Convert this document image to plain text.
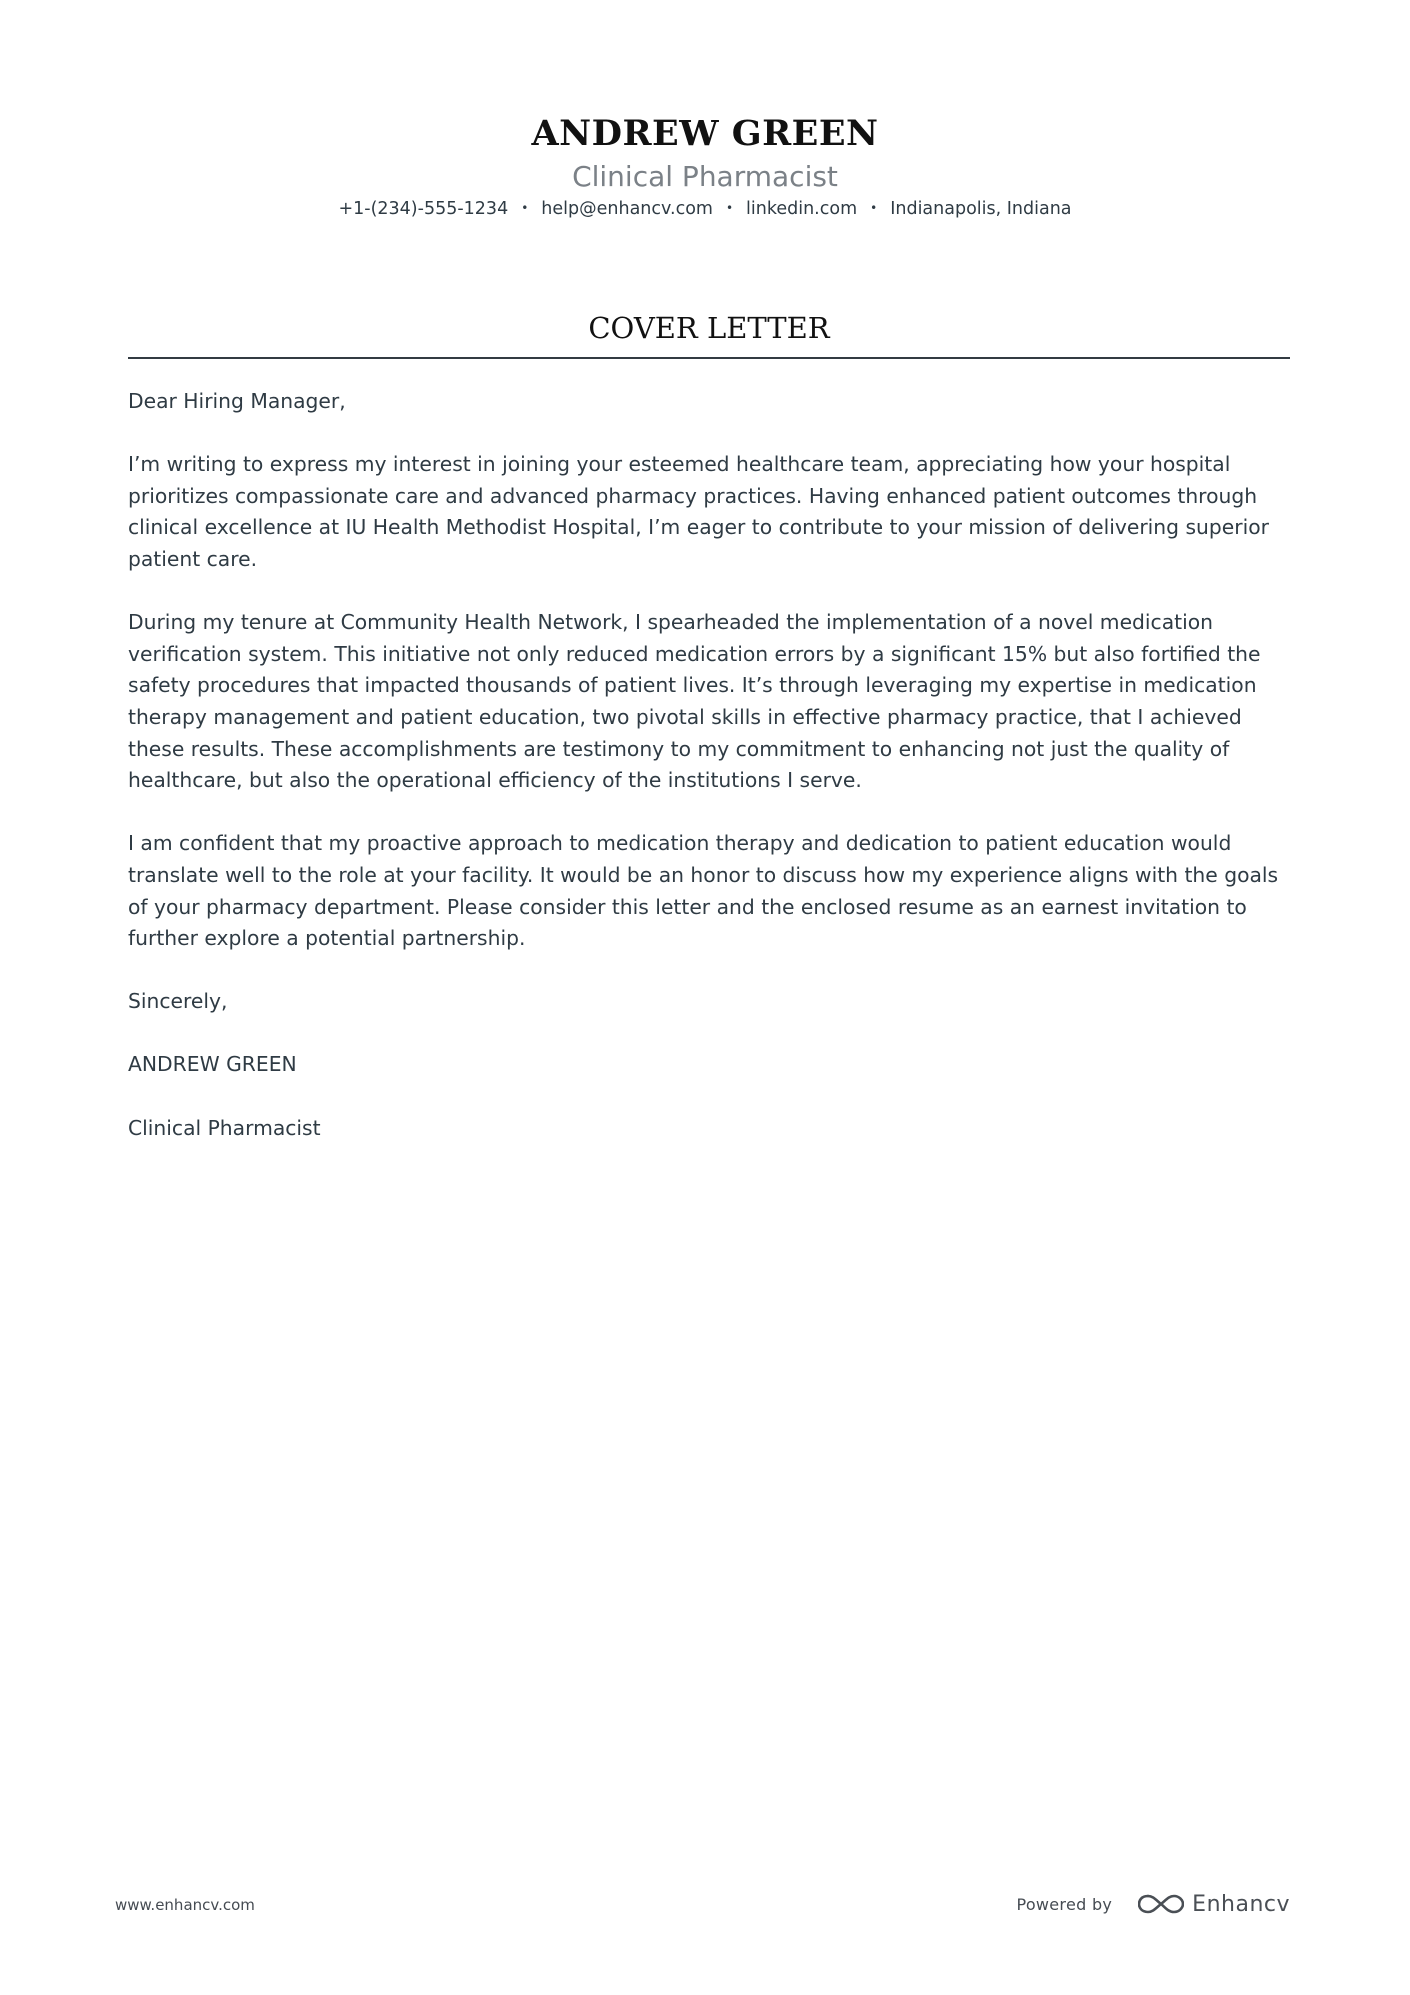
ANDREW GREEN
Clinical Pharmacist
+1-(234)-555-1234 • help@enhancv.com • linkedin.com • Indianapolis, Indiana
COVER LETTER

Dear Hiring Manager,

I’m writing to express my interest in joining your esteemed healthcare team, appreciating how your hospital prioritizes compassionate care and advanced pharmacy practices. Having enhanced patient outcomes through clinical excellence at IU Health Methodist Hospital, I’m eager to contribute to your mission of delivering superior patient care.

During my tenure at Community Health Network, I spearheaded the implementation of a novel medication verification system. This initiative not only reduced medication errors by a significant 15% but also fortified the safety procedures that impacted thousands of patient lives. It’s through leveraging my expertise in medication therapy management and patient education, two pivotal skills in effective pharmacy practice, that I achieved these results. These accomplishments are testimony to my commitment to enhancing not just the quality of healthcare, but also the operational efficiency of the institutions I serve.

I am confident that my proactive approach to medication therapy and dedication to patient education would translate well to the role at your facility. It would be an honor to discuss how my experience aligns with the goals of your pharmacy department. Please consider this letter and the enclosed resume as an earnest invitation to further explore a potential partnership.

Sincerely,

ANDREW GREEN

Clinical Pharmacist

www.enhancv.com	Powered by	Enhancv
